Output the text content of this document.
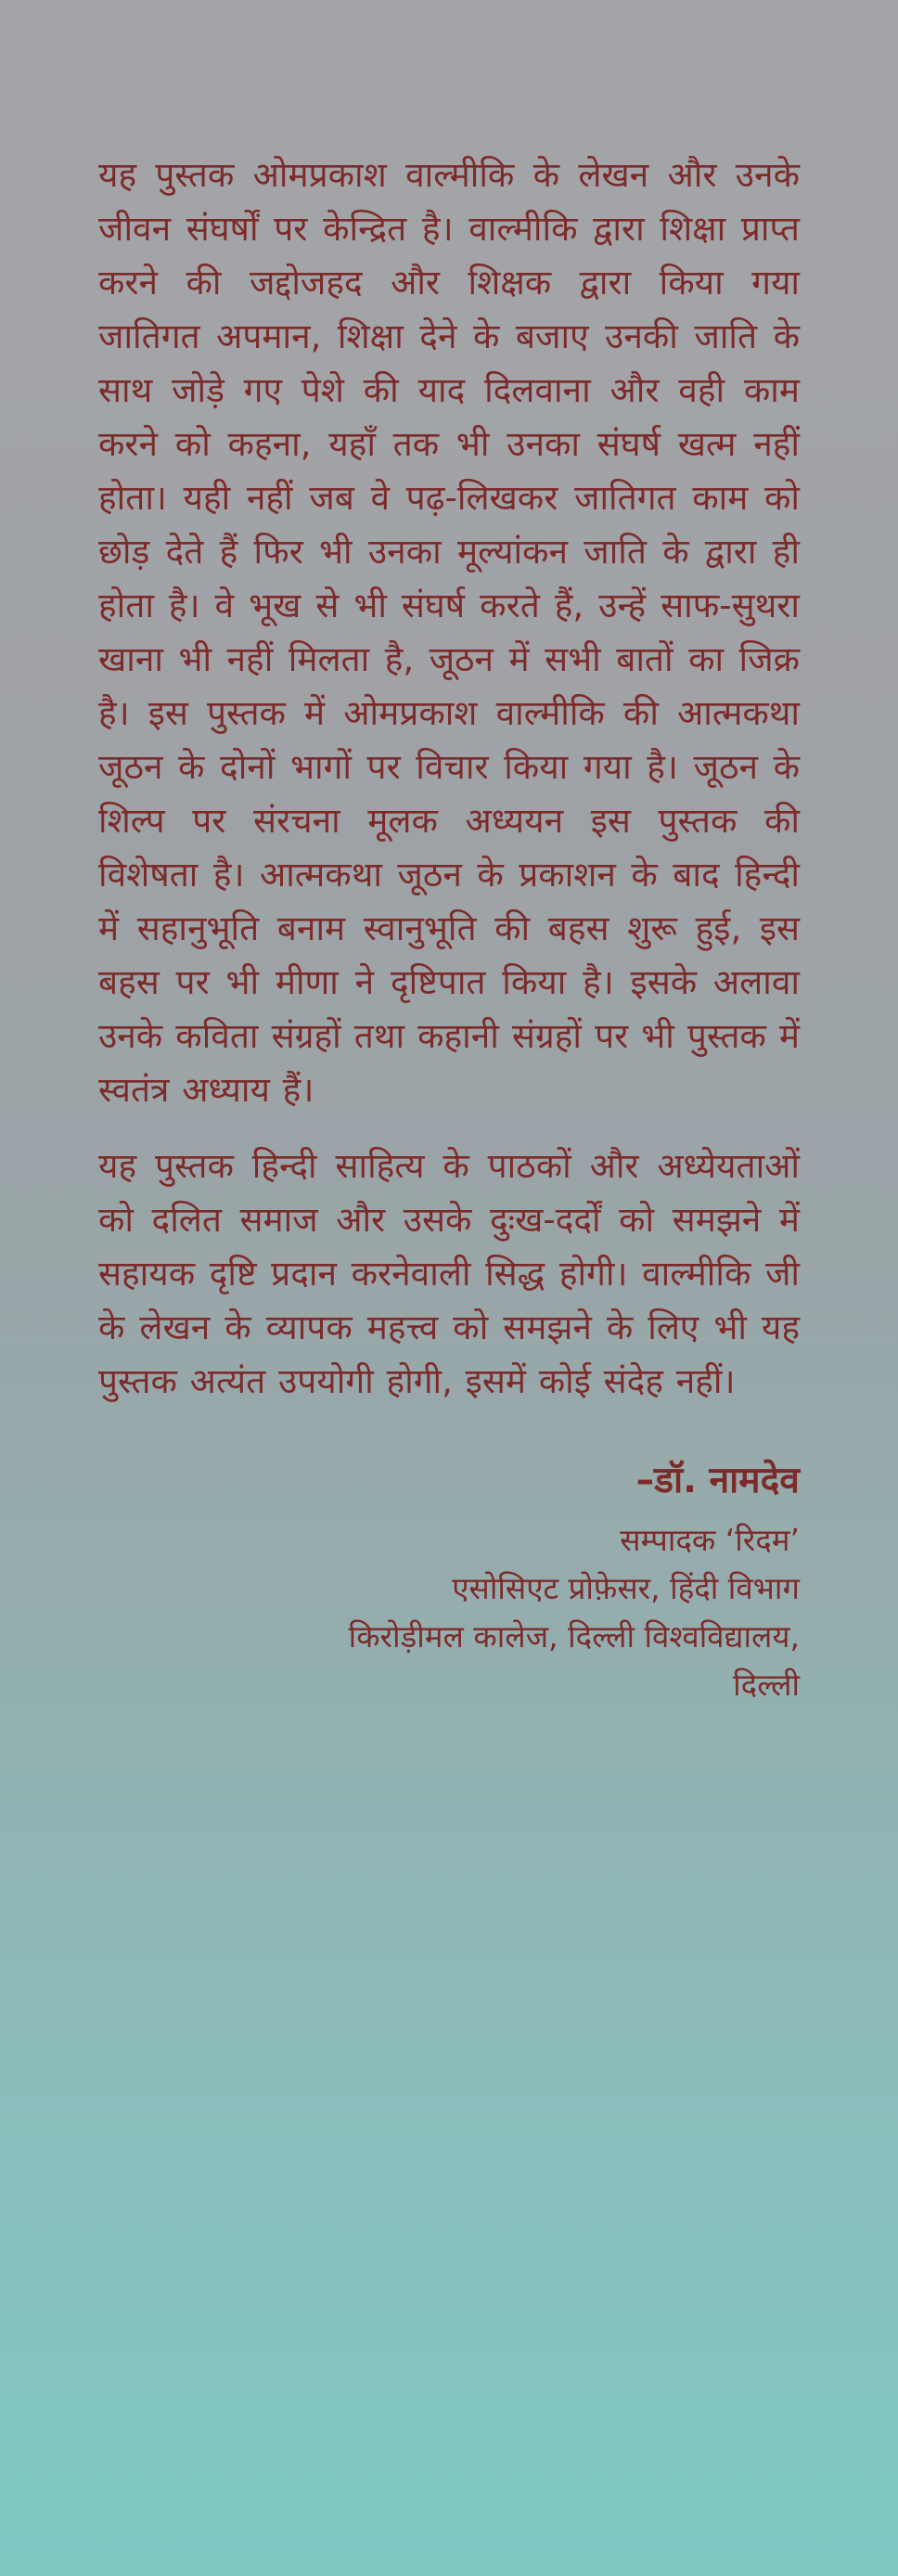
यह पुस्तक ओमप्रकाश वाल्मीकि के लेखन और उनके जीवन संघर्षों पर केन्द्रित है। वाल्मीकि द्वारा शिक्षा प्राप्त करने की जद्दोजहद और शिक्षक द्वारा किया गया जातिगत अपमान, शिक्षा देने के बजाए उनकी जाति के साथ जोड़े गए पेशे की याद दिलवाना और वही काम करने को कहना, यहाँ तक भी उनका संघर्ष खत्म नहीं होता। यही नहीं जब वे पढ़-लिखकर जातिगत काम को छोड़ देते हैं फिर भी उनका मूल्यांकन जाति के द्वारा ही होता है। वे भूख से भी संघर्ष करते हैं, उन्हें साफ-सुथरा खाना भी नहीं मिलता है, जूठन में सभी बातों का जिक्र है। इस पुस्तक में ओमप्रकाश वाल्मीकि की आत्मकथा जूठन के दोनों भागों पर विचार किया गया है। जूठन के शिल्प पर संरचना मूलक अध्ययन इस पुस्तक की विशेषता है। आत्मकथा जूठन के प्रकाशन के बाद हिन्दी में सहानुभूति बनाम स्वानुभूति की बहस शुरू हुई, इस बहस पर भी मीणा ने दृष्टिपात किया है। इसके अलावा उनके कविता संग्रहों तथा कहानी संग्रहों पर भी पुस्तक में स्वतंत्र अध्याय हैं।

यह पुस्तक हिन्दी साहित्य के पाठकों और अध्येयताओं को दलित समाज और उसके दुःख-दर्दों को समझने में सहायक दृष्टि प्रदान करनेवाली सिद्ध होगी। वाल्मीकि जी के लेखन के व्यापक महत्त्व को समझने के लिए भी यह पुस्तक अत्यंत उपयोगी होगी, इसमें कोई संदेह नहीं।

–डॉ. नामदेव
सम्पादक ‘रिदम’
एसोसिएट प्रोफ़ेसर, हिंदी विभाग
किरोड़ीमल कालेज, दिल्ली विश्वविद्यालय,
दिल्ली
